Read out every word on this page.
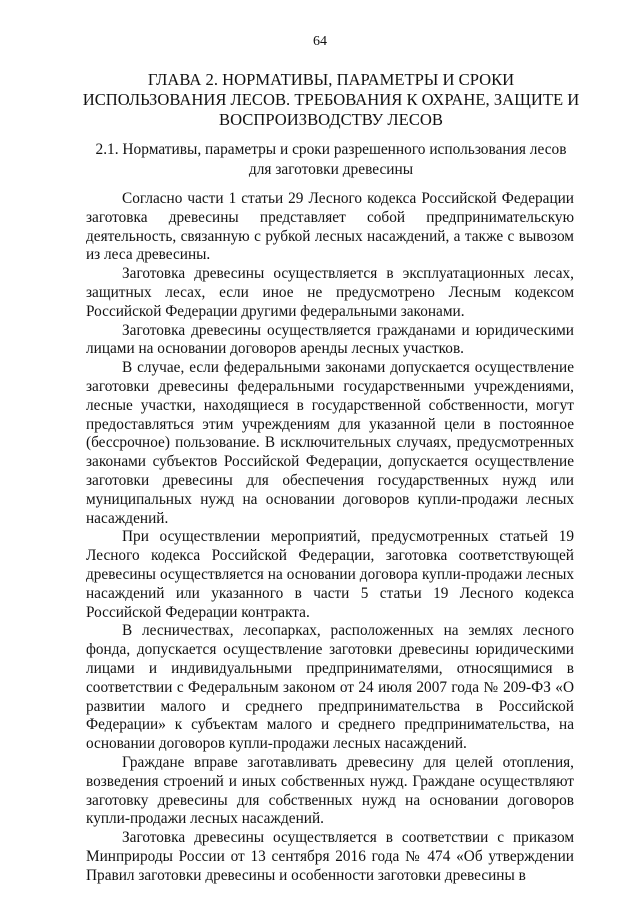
64
ГЛАВА 2. НОРМАТИВЫ, ПАРАМЕТРЫ И СРОКИ ИСПОЛЬЗОВАНИЯ ЛЕСОВ. ТРЕБОВАНИЯ К ОХРАНЕ, ЗАЩИТЕ И ВОСПРОИЗВОДСТВУ ЛЕСОВ
2.1. Нормативы, параметры и сроки разрешенного использования лесов для заготовки древесины

Согласно части 1 статьи 29 Лесного кодекса Российской Федерации заготовка древесины представляет собой предпринимательскую деятельность, связанную с рубкой лесных насаждений, а также с вывозом из леса древесины.

Заготовка древесины осуществляется в эксплуатационных лесах, защитных лесах, если иное не предусмотрено Лесным кодексом Российской Федерации другими федеральными законами.

Заготовка древесины осуществляется гражданами и юридическими лицами на основании договоров аренды лесных участков.

В случае, если федеральными законами допускается осуществление заготовки древесины федеральными государственными учреждениями, лесные участки, находящиеся в государственной собственности, могут предоставляться этим учреждениям для указанной цели в постоянное (бессрочное) пользование. В исключительных случаях, предусмотренных законами субъектов Российской Федерации, допускается осуществление заготовки древесины для обеспечения государственных нужд или муниципальных нужд на основании договоров купли-продажи лесных насаждений.

При осуществлении мероприятий, предусмотренных статьей 19 Лесного кодекса Российской Федерации, заготовка соответствующей древесины осуществляется на основании договора купли-продажи лесных насаждений или указанного в части 5 статьи 19 Лесного кодекса Российской Федерации контракта.

В лесничествах, лесопарках, расположенных на землях лесного фонда, допускается осуществление заготовки древесины юридическими лицами и индивидуальными предпринимателями, относящимися в соответствии с Федеральным законом от 24 июля 2007 года № 209-ФЗ «О развитии малого и среднего предпринимательства в Российской Федерации» к субъектам малого и среднего предпринимательства, на основании договоров купли-продажи лесных насаждений.

Граждане вправе заготавливать древесину для целей отопления, возведения строений и иных собственных нужд. Граждане осуществляют заготовку древесины для собственных нужд на основании договоров купли-продажи лесных насаждений.

Заготовка древесины осуществляется в соответствии с приказом Минприроды России от 13 сентября 2016 года № 474 «Об утверждении Правил заготовки древесины и особенности заготовки древесины в
